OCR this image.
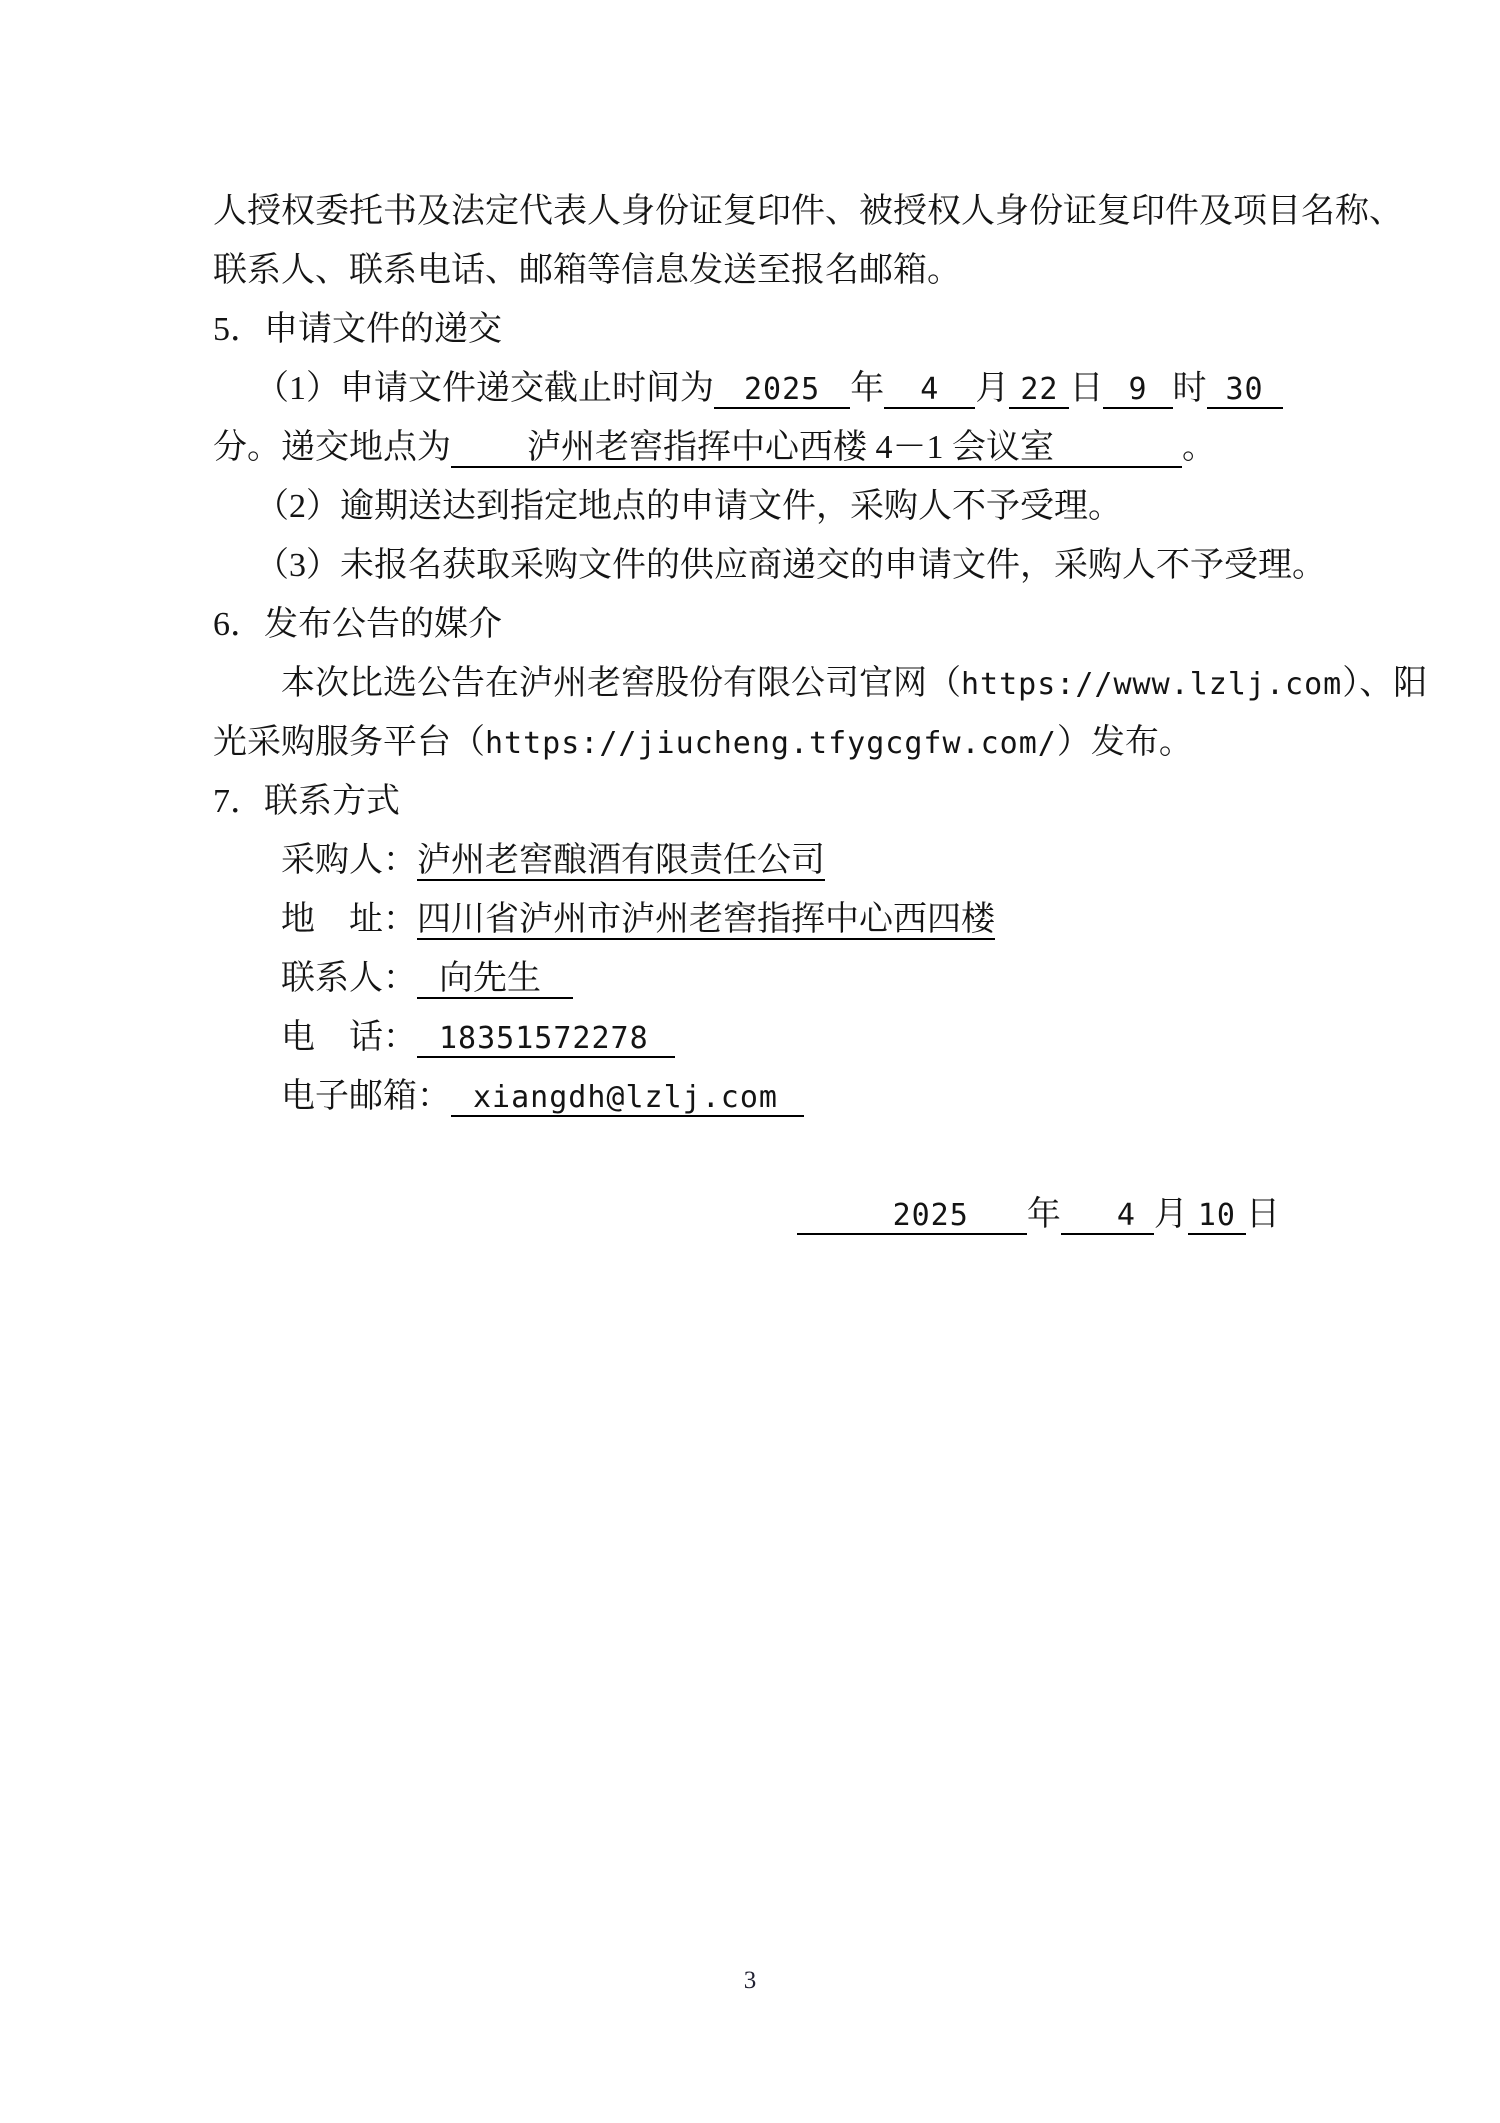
人授权委托书及法定代表人身份证复印件、被授权人身份证复印件及项目名称、
联系人、联系电话、邮箱等信息发送至报名邮箱。
5．申请文件的递交
（1）申请文件递交截止时间为 2025 年 4 月 22 日 9 时 30
分。递交地点为 泸州老窖指挥中心西楼 4－1 会议室	。
（2）逾期送达到指定地点的申请文件，采购人不予受理。
（3）未报名获取采购文件的供应商递交的申请文件，采购人不予受理。
6．发布公告的媒介
本次比选公告在泸州老窖股份有限公司官网（https://www.lzlj.com）、阳
光采购服务平台（https://jiucheng.tfygcgfw.com/）发布。
7．联系方式
采购人：泸州老窖酿酒有限责任公司
地　址：四川省泸州市泸州老窖指挥中心西四楼
联系人： 向先生
电　话： 18351572278
电子邮箱： xiangdh@lzlj.com
2025 年 4 月 10 日
3
